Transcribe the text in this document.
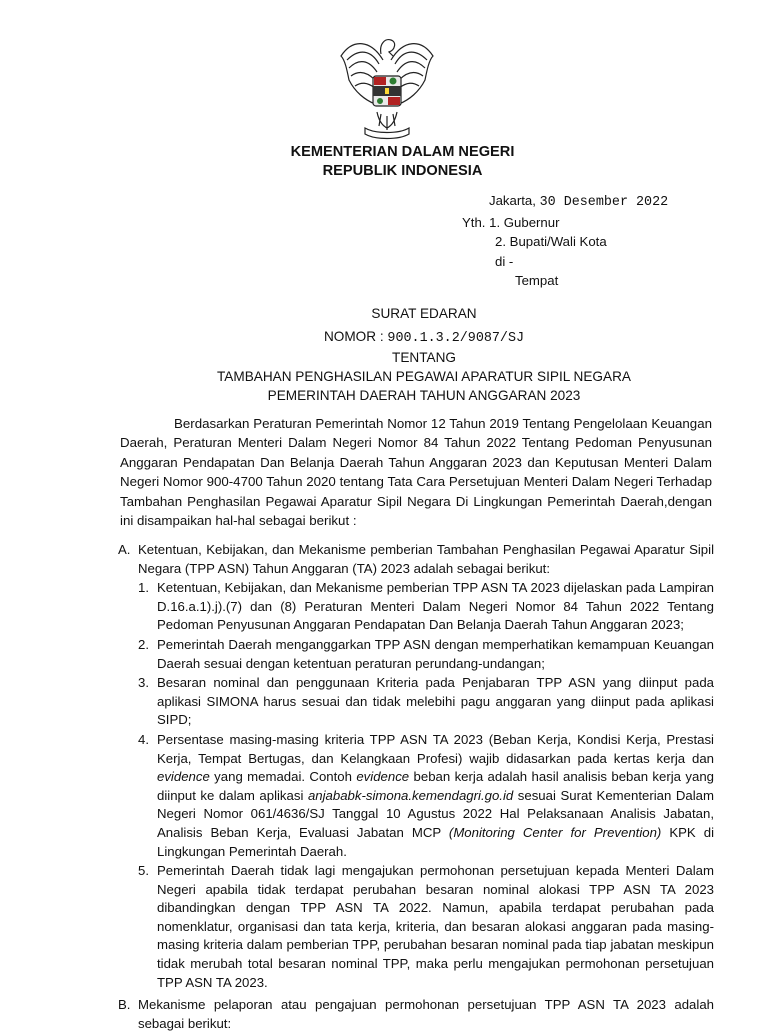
KEMENTERIAN DALAM NEGERI
REPUBLIK INDONESIA
Jakarta, 30 Desember 2022
Yth. 1. Gubernur
2. Bupati/Wali Kota
di -
Tempat
SURAT EDARAN
NOMOR : 900.1.3.2/9087/SJ
TENTANG
TAMBAHAN PENGHASILAN PEGAWAI APARATUR SIPIL NEGARA
PEMERINTAH DAERAH TAHUN ANGGARAN 2023
Berdasarkan Peraturan Pemerintah Nomor 12 Tahun 2019 Tentang Pengelolaan Keuangan Daerah, Peraturan Menteri Dalam Negeri Nomor 84 Tahun 2022 Tentang Pedoman Penyusunan Anggaran Pendapatan Dan Belanja Daerah Tahun Anggaran 2023 dan Keputusan Menteri Dalam Negeri Nomor 900-4700 Tahun 2020 tentang Tata Cara Persetujuan Menteri Dalam Negeri Terhadap Tambahan Penghasilan Pegawai Aparatur Sipil Negara Di Lingkungan Pemerintah Daerah,dengan ini disampaikan hal-hal sebagai berikut :
A. Ketentuan, Kebijakan, dan Mekanisme pemberian Tambahan Penghasilan Pegawai Aparatur Sipil Negara (TPP ASN) Tahun Anggaran (TA) 2023 adalah sebagai berikut:
1. Ketentuan, Kebijakan, dan Mekanisme pemberian TPP ASN TA 2023 dijelaskan pada Lampiran D.16.a.1).j).(7) dan (8) Peraturan Menteri Dalam Negeri Nomor 84 Tahun 2022 Tentang Pedoman Penyusunan Anggaran Pendapatan Dan Belanja Daerah Tahun Anggaran 2023;
2. Pemerintah Daerah menganggarkan TPP ASN dengan memperhatikan kemampuan Keuangan Daerah sesuai dengan ketentuan peraturan perundang-undangan;
3. Besaran nominal dan penggunaan Kriteria pada Penjabaran TPP ASN yang diinput pada aplikasi SIMONA harus sesuai dan tidak melebihi pagu anggaran yang diinput pada aplikasi SIPD;
4. Persentase masing-masing kriteria TPP ASN TA 2023 (Beban Kerja, Kondisi Kerja, Prestasi Kerja, Tempat Bertugas, dan Kelangkaan Profesi) wajib didasarkan pada kertas kerja dan evidence yang memadai. Contoh evidence beban kerja adalah hasil analisis beban kerja yang diinput ke dalam aplikasi anjababk-simona.kemendagri.go.id sesuai Surat Kementerian Dalam Negeri Nomor 061/4636/SJ Tanggal 10 Agustus 2022 Hal Pelaksanaan Analisis Jabatan, Analisis Beban Kerja, Evaluasi Jabatan MCP (Monitoring Center for Prevention) KPK di Lingkungan Pemerintah Daerah.
5. Pemerintah Daerah tidak lagi mengajukan permohonan persetujuan kepada Menteri Dalam Negeri apabila tidak terdapat perubahan besaran nominal alokasi TPP ASN TA 2023 dibandingkan dengan TPP ASN TA 2022. Namun, apabila terdapat perubahan pada nomenklatur, organisasi dan tata kerja, kriteria, dan besaran alokasi anggaran pada masing-masing kriteria dalam pemberian TPP, perubahan besaran nominal pada tiap jabatan meskipun tidak merubah total besaran nominal TPP, maka perlu mengajukan permohonan persetujuan TPP ASN TA 2023.
B. Mekanisme pelaporan atau pengajuan permohonan persetujuan TPP ASN TA 2023 adalah sebagai berikut:
